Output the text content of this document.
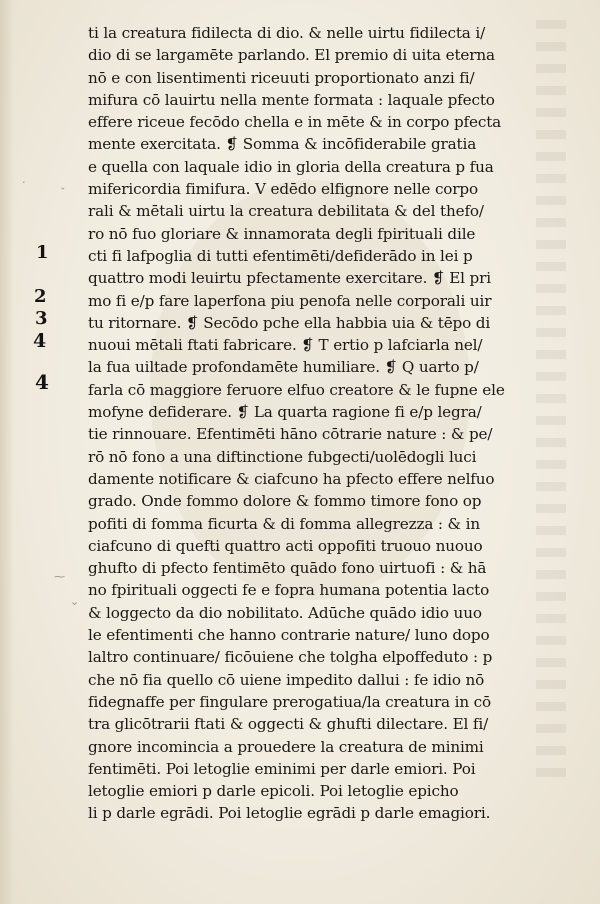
·
ˇ
⁓
⌄
1
2
3
4
4
ti la creatura fidilecta di dio. & nelle uirtu fidilecta i/
dio di se largamēte parlando. El premio di uita eterna
nō e con lisentimenti riceuuti proportionato anzi fi/
mifura cō lauirtu nella mente formata : laquale pfecto
effere riceue fecōdo chella e in mēte & in corpo pfecta
mente exercitata. ❡ Somma & incōfiderabile gratia
e quella con laquale idio in gloria della creatura p fua
mifericordia fimifura. V edēdo elfignore nelle corpo
rali & mētali uirtu la creatura debilitata & del thefo/
ro nō fuo gloriare & innamorata degli fpirituali dile
cti fi lafpoglia di tutti efentimēti/defiderādo in lei p
quattro modi leuirtu pfectamente exercitare. ❡ El pri
mo fi e/p fare laperfona piu penofa nelle corporali uir
tu ritornare. ❡ Secōdo pche ella habbia uia & tēpo di
nuoui mētali ftati fabricare. ❡ T ertio p lafciarla nel/
la fua uiltade profondamēte humiliare. ❡ Q uarto p/
farla cō maggiore feruore elfuo creatore & le fupne ele
mofyne defiderare. ❡ La quarta ragione fi e/p legra/
tie rinnouare. Efentimēti hāno cōtrarie nature : & pe/
rō nō fono a una diftinctione fubgecti/uolēdogli luci
damente notificare & ciafcuno ha pfecto effere nelfuo
grado. Onde fommo dolore & fommo timore fono op
pofiti di fomma ficurta & di fomma allegrezza : & in
ciafcuno di quefti quattro acti oppofiti truouo nuouo
ghufto di pfecto fentimēto quādo fono uirtuofi : & hā
no fpirituali oggecti fe e fopra humana potentia lacto
& loggecto da dio nobilitato. Adūche quādo idio uuo
le efentimenti che hanno contrarie nature/ luno dopo
laltro continuare/ ficōuiene che tolgha elpoffeduto : p
che nō fia quello cō uiene impedito dallui : fe idio nō
fidegnaffe per fingulare prerogatiua/la creatura in cō
tra glicōtrarii ftati & oggecti & ghufti dilectare. El fi/
gnore incomincia a prouedere la creatura de minimi
fentimēti. Poi letoglie eminimi per darle emiori. Poi
letoglie emiori p darle epicoli. Poi letoglie epicho
li p darle egrādi. Poi letoglie egrādi p darle emagiori.
